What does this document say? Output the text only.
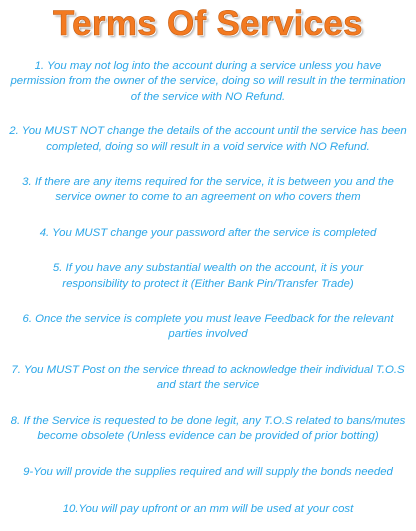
Terms Of Services
1. You may not log into the account during a service unless you have permission from the owner of the service, doing so will result in the termination of the service with NO Refund.
2. You MUST NOT change the details of the account until the service has been completed, doing so will result in a void service with NO Refund.
3. If there are any items required for the service, it is between you and the service owner to come to an agreement on who covers them
4. You MUST change your password after the service is completed
5. If you have any substantial wealth on the account, it is your responsibility to protect it (Either Bank Pin/Transfer Trade)
6. Once the service is complete you must leave Feedback for the relevant parties involved
7. You MUST Post on the service thread to acknowledge their individual T.O.S and start the service
8. If the Service is requested to be done legit, any T.O.S related to bans/mutes become obsolete (Unless evidence can be provided of prior botting)
9-You will provide the supplies required and will supply the bonds needed
10.You will pay upfront or an mm will be used at your cost
